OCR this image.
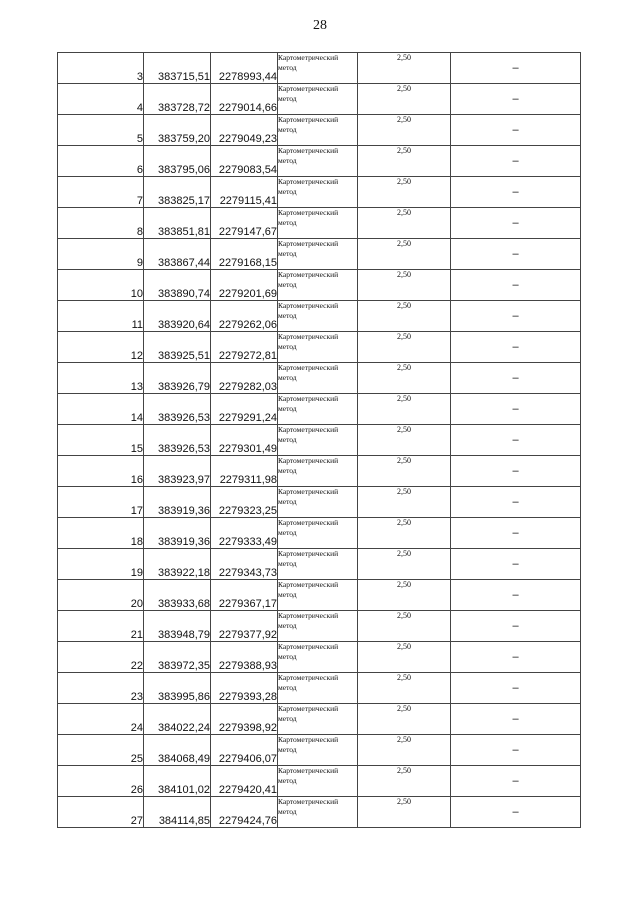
28
3	383715,51	2278993,44	Картометрический
метод	2,50	–
4	383728,72	2279014,66	Картометрический
метод	2,50	–
5	383759,20	2279049,23	Картометрический
метод	2,50	–
6	383795,06	2279083,54	Картометрический
метод	2,50	–
7	383825,17	2279115,41	Картометрический
метод	2,50	–
8	383851,81	2279147,67	Картометрический
метод	2,50	–
9	383867,44	2279168,15	Картометрический
метод	2,50	–
10	383890,74	2279201,69	Картометрический
метод	2,50	–
11	383920,64	2279262,06	Картометрический
метод	2,50	–
12	383925,51	2279272,81	Картометрический
метод	2,50	–
13	383926,79	2279282,03	Картометрический
метод	2,50	–
14	383926,53	2279291,24	Картометрический
метод	2,50	–
15	383926,53	2279301,49	Картометрический
метод	2,50	–
16	383923,97	2279311,98	Картометрический
метод	2,50	–
17	383919,36	2279323,25	Картометрический
метод	2,50	–
18	383919,36	2279333,49	Картометрический
метод	2,50	–
19	383922,18	2279343,73	Картометрический
метод	2,50	–
20	383933,68	2279367,17	Картометрический
метод	2,50	–
21	383948,79	2279377,92	Картометрический
метод	2,50	–
22	383972,35	2279388,93	Картометрический
метод	2,50	–
23	383995,86	2279393,28	Картометрический
метод	2,50	–
24	384022,24	2279398,92	Картометрический
метод	2,50	–
25	384068,49	2279406,07	Картометрический
метод	2,50	–
26	384101,02	2279420,41	Картометрический
метод	2,50	–
27	384114,85	2279424,76	Картометрический
метод	2,50	–
